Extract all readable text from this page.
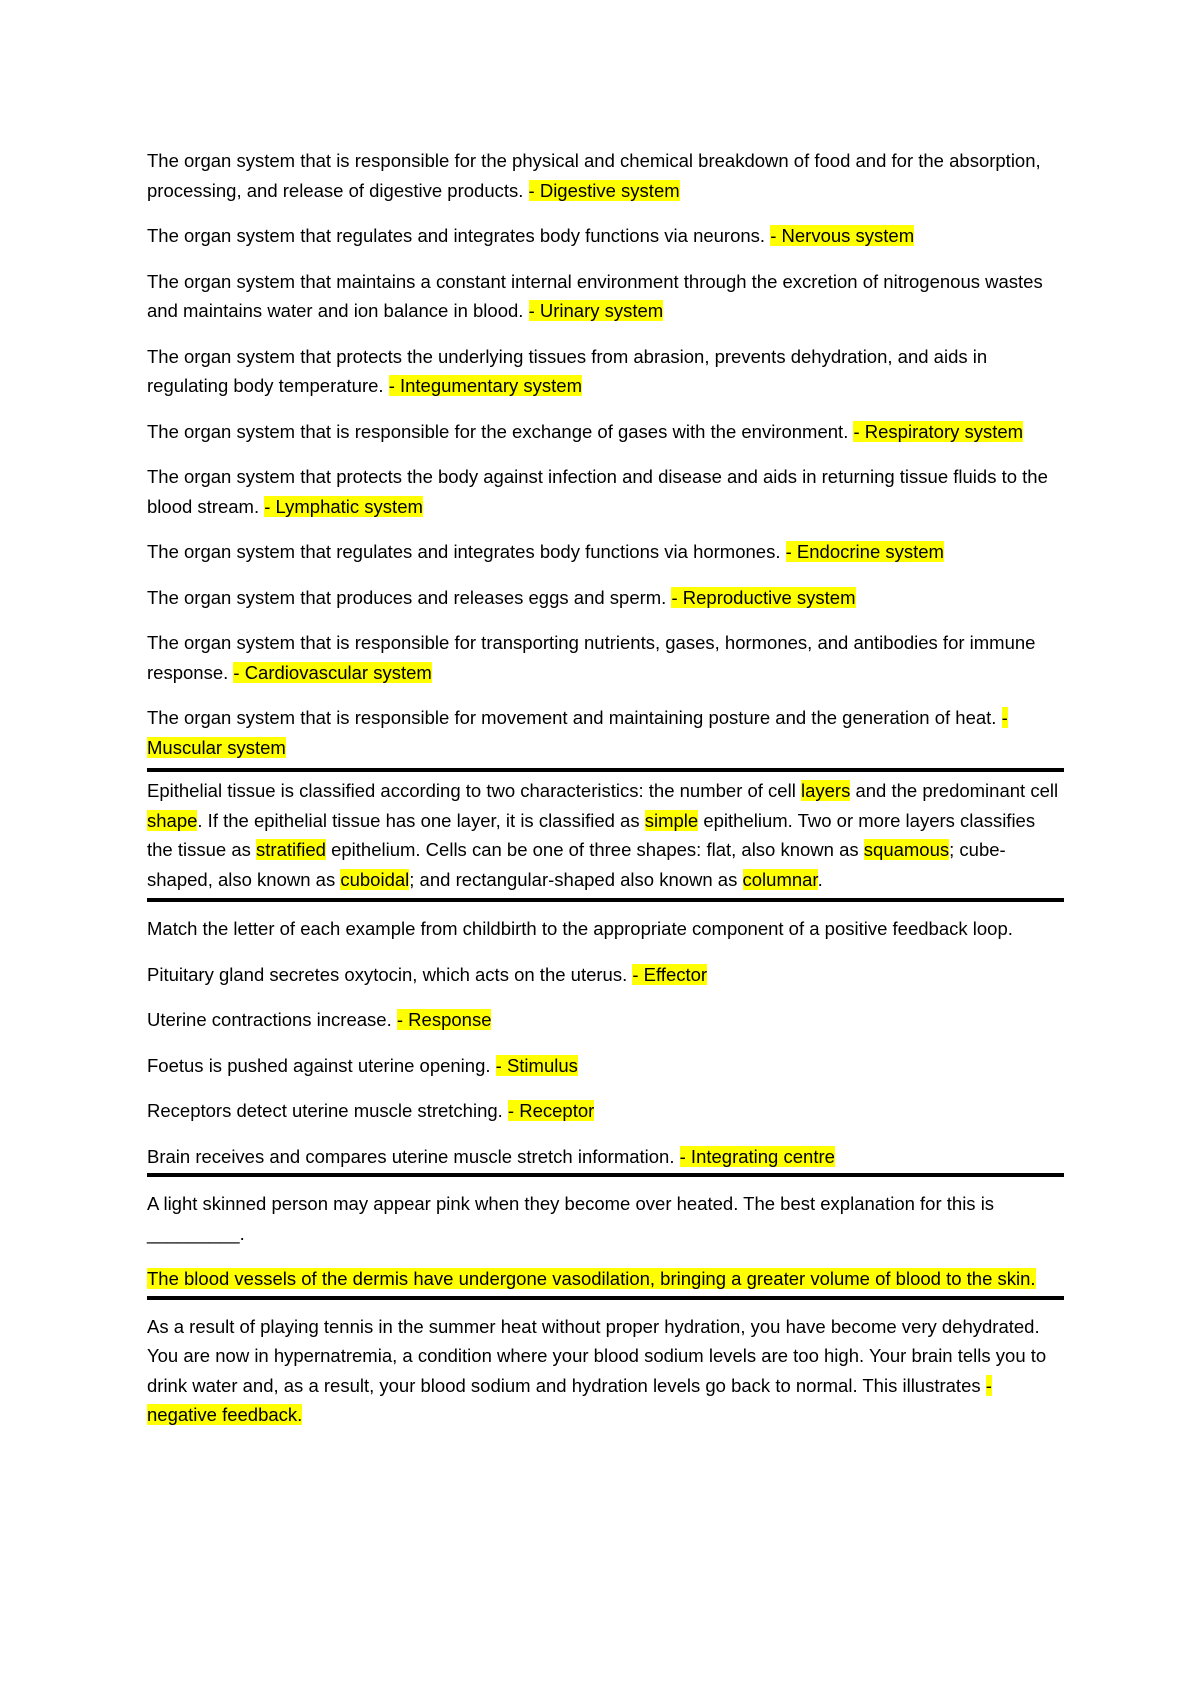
The organ system that is responsible for the physical and chemical breakdown of food and for the absorption, processing, and release of digestive products. - Digestive system

The organ system that regulates and integrates body functions via neurons. - Nervous system

The organ system that maintains a constant internal environment through the excretion of nitrogenous wastes and maintains water and ion balance in blood. - Urinary system

The organ system that protects the underlying tissues from abrasion, prevents dehydration, and aids in regulating body temperature. - Integumentary system

The organ system that is responsible for the exchange of gases with the environment. - Respiratory system

The organ system that protects the body against infection and disease and aids in returning tissue fluids to the blood stream. - Lymphatic system

The organ system that regulates and integrates body functions via hormones. - Endocrine system

The organ system that produces and releases eggs and sperm. - Reproductive system

The organ system that is responsible for transporting nutrients, gases, hormones, and antibodies for immune response. - Cardiovascular system

The organ system that is responsible for movement and maintaining posture and the generation of heat. - Muscular system

Epithelial tissue is classified according to two characteristics: the number of cell layers and the predominant cell shape. If the epithelial tissue has one layer, it is classified as simple epithelium. Two or more layers classifies the tissue as stratified epithelium. Cells can be one of three shapes: flat, also known as squamous; cube-shaped, also known as cuboidal; and rectangular-shaped also known as columnar.

Match the letter of each example from childbirth to the appropriate component of a positive feedback loop.

Pituitary gland secretes oxytocin, which acts on the uterus. - Effector

Uterine contractions increase. - Response

Foetus is pushed against uterine opening. - Stimulus

Receptors detect uterine muscle stretching. - Receptor

Brain receives and compares uterine muscle stretch information. - Integrating centre

A light skinned person may appear pink when they become over heated. The best explanation for this is _________.

The blood vessels of the dermis have undergone vasodilation, bringing a greater volume of blood to the skin.

As a result of playing tennis in the summer heat without proper hydration, you have become very dehydrated. You are now in hypernatremia, a condition where your blood sodium levels are too high. Your brain tells you to drink water and, as a result, your blood sodium and hydration levels go back to normal. This illustrates - negative feedback.
